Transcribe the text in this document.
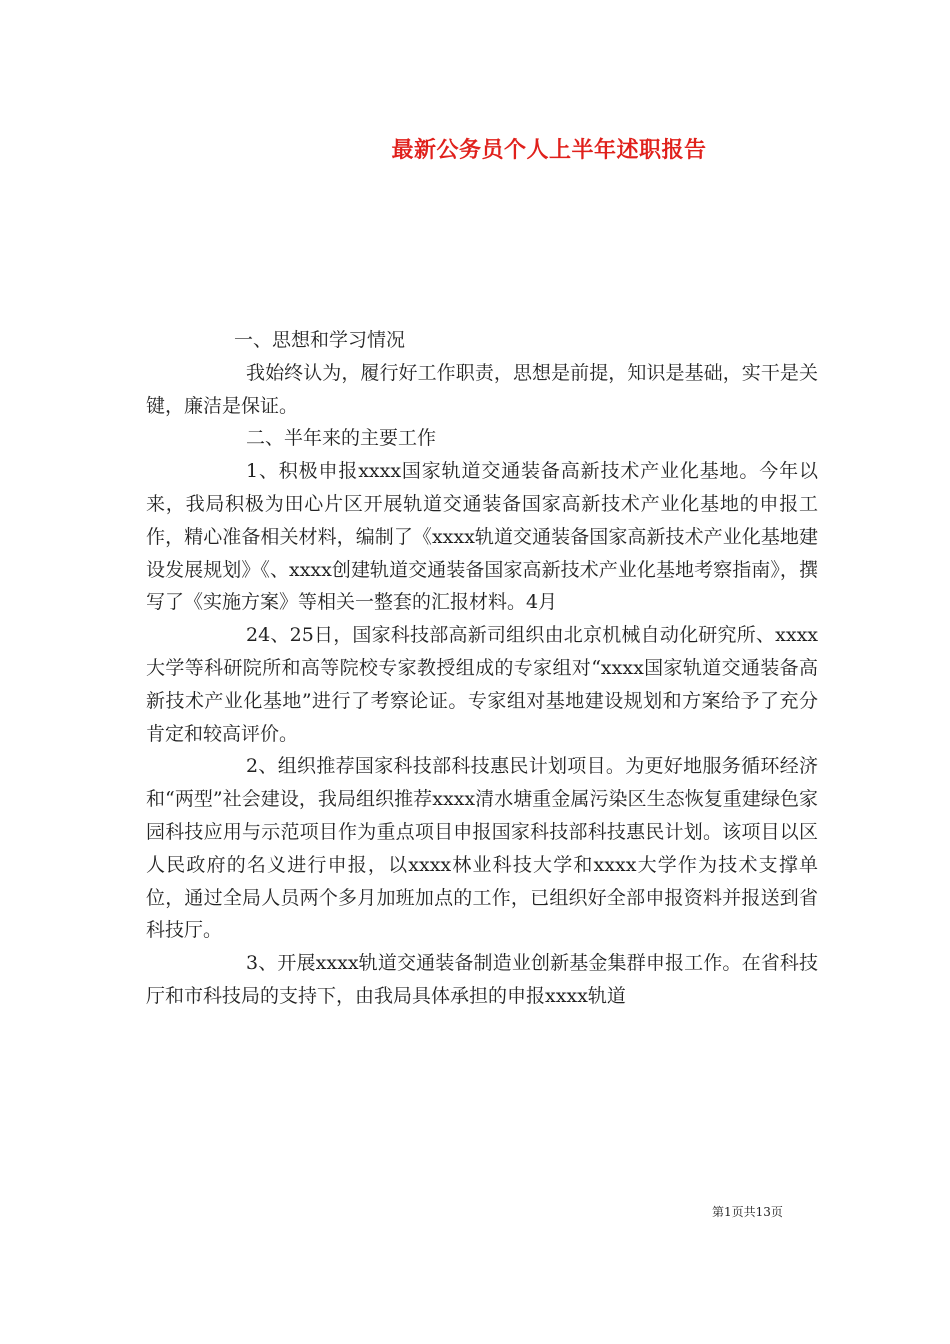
最新公务员个人上半年述职报告

一、思想和学习情况

我始终认为，履行好工作职责，思想是前提，知识是基础，实干是关键，廉洁是保证。

二、半年来的主要工作

1、积极申报xxxx国家轨道交通装备高新技术产业化基地。今年以来，我局积极为田心片区开展轨道交通装备国家高新技术产业化基地的申报工作，精心准备相关材料，编制了《xxxx轨道交通装备国家高新技术产业化基地建设发展规划》《、xxxx创建轨道交通装备国家高新技术产业化基地考察指南》，撰写了《实施方案》等相关一整套的汇报材料。4月

24、25日，国家科技部高新司组织由北京机械自动化研究所、xxxx大学等科研院所和高等院校专家教授组成的专家组对“xxxx国家轨道交通装备高新技术产业化基地”进行了考察论证。专家组对基地建设规划和方案给予了充分肯定和较高评价。

2、组织推荐国家科技部科技惠民计划项目。为更好地服务循环经济和“两型”社会建设，我局组织推荐xxxx清水塘重金属污染区生态恢复重建绿色家园科技应用与示范项目作为重点项目申报国家科技部科技惠民计划。该项目以区人民政府的名义进行申报，以xxxx林业科技大学和xxxx大学作为技术支撑单位，通过全局人员两个多月加班加点的工作，已组织好全部申报资料并报送到省科技厅。

3、开展xxxx轨道交通装备制造业创新基金集群申报工作。在省科技厅和市科技局的支持下，由我局具体承担的申报xxxx轨道

第1页共13页
